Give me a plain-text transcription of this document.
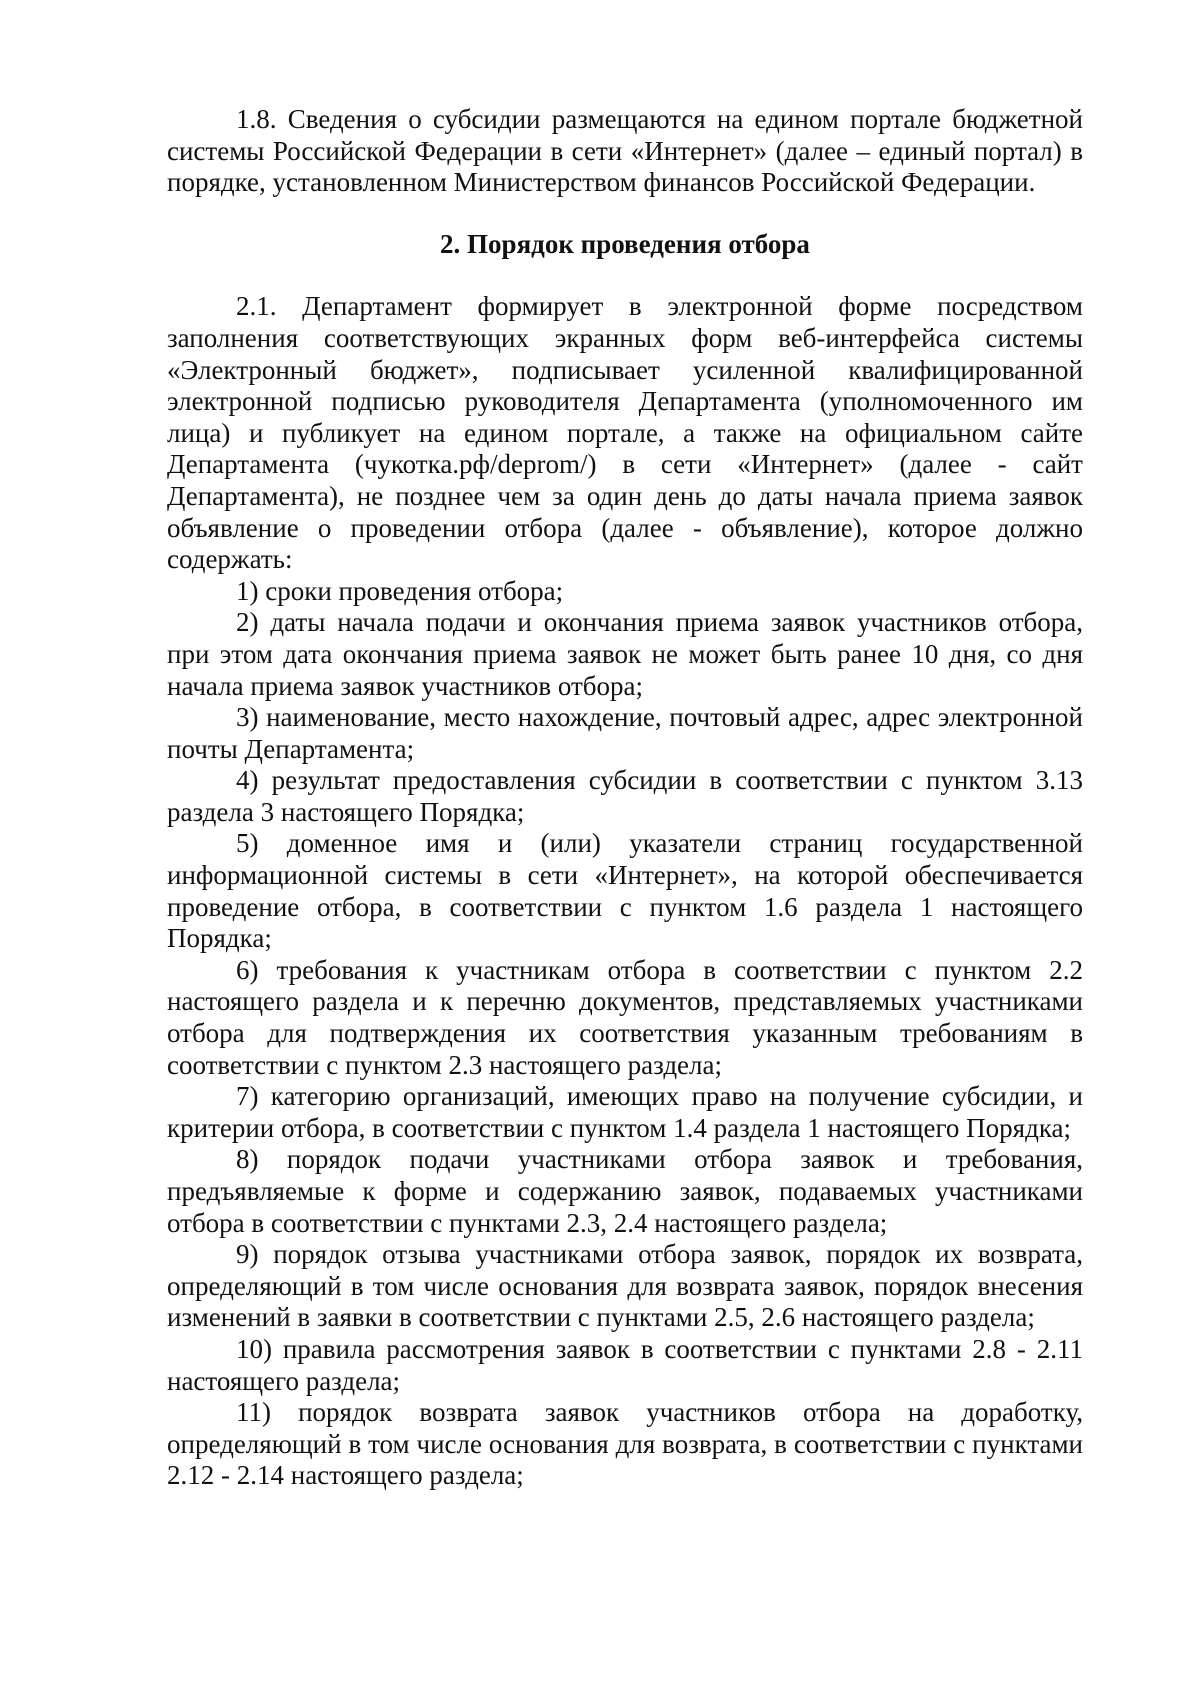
1.8. Сведения о субсидии размещаются на едином портале бюджетной системы Российской Федерации в сети «Интернет» (далее – единый портал) в порядке, установленном Министерством финансов Российской Федерации.

2. Порядок проведения отбора

2.1. Департамент формирует в электронной форме посредством заполнения соответствующих экранных форм веб-интерфейса системы «Электронный бюджет», подписывает усиленной квалифицированной электронной подписью руководителя Департамента (уполномоченного им лица) и публикует на едином портале, а также на официальном сайте Департамента (чукотка.рф/deprom/) в сети «Интернет» (далее - сайт Департамента), не позднее чем за один день до даты начала приема заявок объявление о проведении отбора (далее - объявление), которое должно содержать:

1) сроки проведения отбора;

2) даты начала подачи и окончания приема заявок участников отбора, при этом дата окончания приема заявок не может быть ранее 10 дня, со дня начала приема заявок участников отбора;

3) наименование, место нахождение, почтовый адрес, адрес электронной почты Департамента;

4) результат предоставления субсидии в соответствии с пунктом 3.13 раздела 3 настоящего Порядка;

5) доменное имя и (или) указатели страниц государственной информационной системы в сети «Интернет», на которой обеспечивается проведение отбора, в соответствии с пунктом 1.6 раздела 1 настоящего Порядка;

6) требования к участникам отбора в соответствии с пунктом 2.2 настоящего раздела и к перечню документов, представляемых участниками отбора для подтверждения их соответствия указанным требованиям в соответствии с пунктом 2.3 настоящего раздела;

7) категорию организаций, имеющих право на получение субсидии, и критерии отбора, в соответствии с пунктом 1.4 раздела 1 настоящего Порядка;

8) порядок подачи участниками отбора заявок и требования, предъявляемые к форме и содержанию заявок, подаваемых участниками отбора в соответствии с пунктами 2.3, 2.4 настоящего раздела;

9) порядок отзыва участниками отбора заявок, порядок их возврата, определяющий в том числе основания для возврата заявок, порядок внесения изменений в заявки в соответствии с пунктами 2.5, 2.6 настоящего раздела;

10) правила рассмотрения заявок в соответствии с пунктами 2.8 - 2.11 настоящего раздела;

11) порядок возврата заявок участников отбора на доработку, определяющий в том числе основания для возврата, в соответствии с пунктами 2.12 - 2.14 настоящего раздела;
